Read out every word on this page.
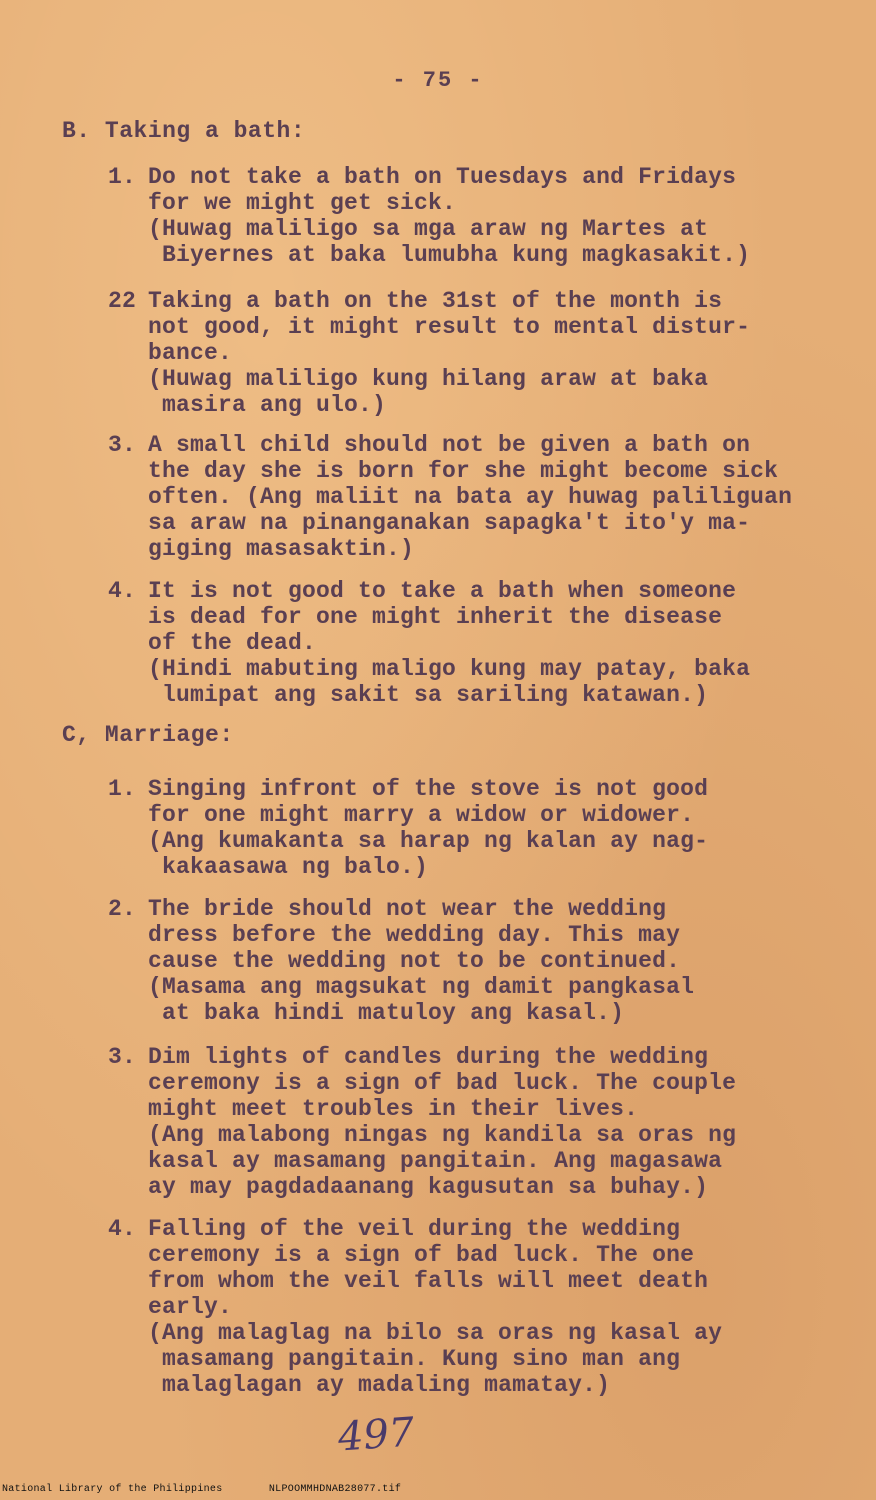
- 75 -
B. Taking a bath:
1. Do not take a bath on Tuesdays and Fridays
for we might get sick.
(Huwag maliligo sa mga araw ng Martes at
Biyernes at baka lumubha kung magkasakit.)
22 Taking a bath on the 31st of the month is
not good, it might result to mental distur-
bance.
(Huwag maliligo kung hilang araw at baka
masira ang ulo.)
3. A small child should not be given a bath on
the day she is born for she might become sick
often. (Ang maliit na bata ay huwag paliliguan
sa araw na pinanganakan sapagka't ito'y ma-
giging masasaktin.)
4. It is not good to take a bath when someone
is dead for one might inherit the disease
of the dead.
(Hindi mabuting maligo kung may patay, baka
lumipat ang sakit sa sariling katawan.)
C, Marriage:
1. Singing infront of the stove is not good
for one might marry a widow or widower.
(Ang kumakanta sa harap ng kalan ay nag-
kakaasawa ng balo.)
2. The bride should not wear the wedding
dress before the wedding day. This may
cause the wedding not to be continued.
(Masama ang magsukat ng damit pangkasal
at baka hindi matuloy ang kasal.)
3. Dim lights of candles during the wedding
ceremony is a sign of bad luck. The couple
might meet troubles in their lives.
(Ang malabong ningas ng kandila sa oras ng
kasal ay masamang pangitain. Ang magasawa
ay may pagdadaanang kagusutan sa buhay.)
4. Falling of the veil during the wedding
ceremony is a sign of bad luck. The one
from whom the veil falls will meet death
early.
(Ang malaglag na bilo sa oras ng kasal ay
masamang pangitain. Kung sino man ang
malaglagan ay madaling mamatay.)
497
National Library of the Philippines	NLPOOMMHDNAB28077.tif
